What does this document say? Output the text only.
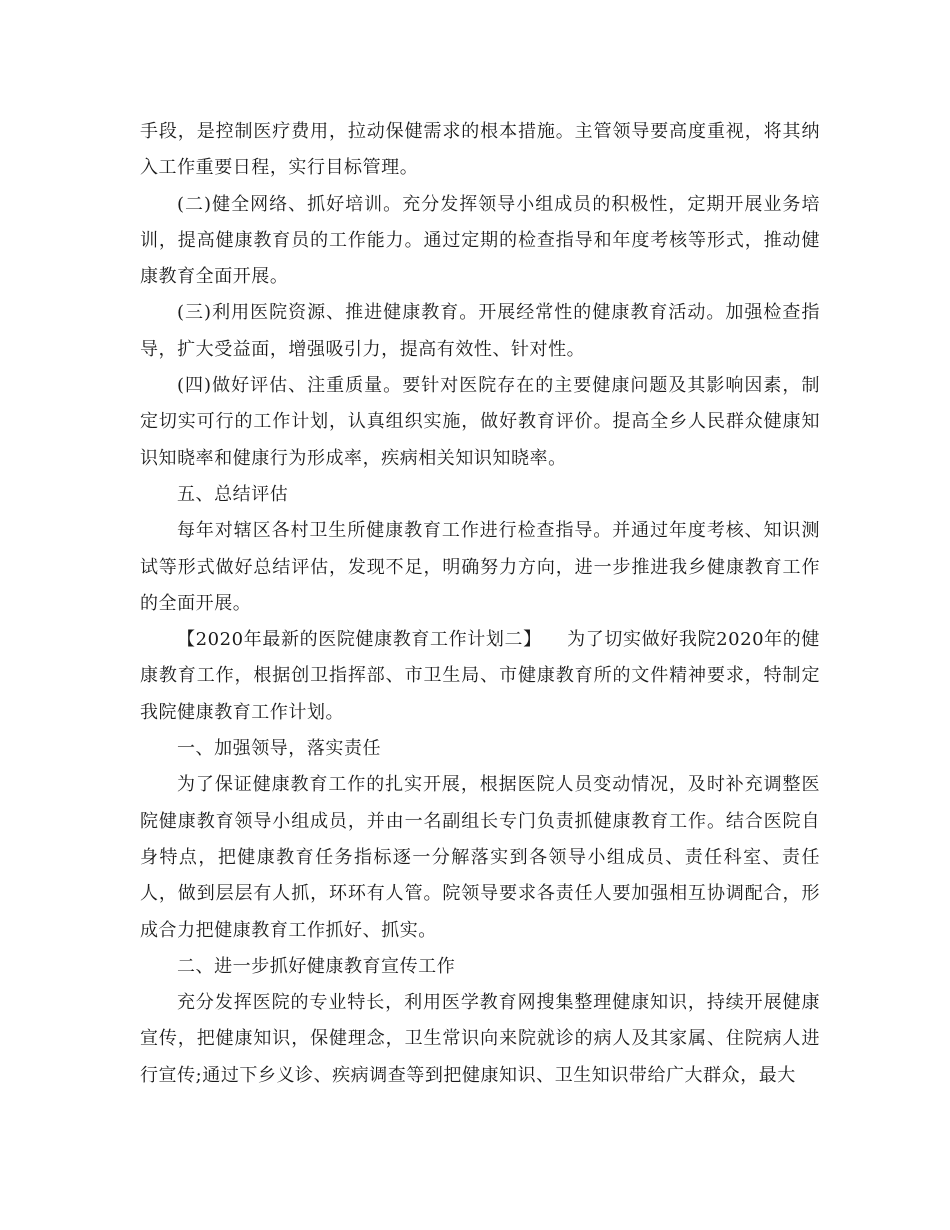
手段，是控制医疗费用，拉动保健需求的根本措施。主管领导要高度重视，将其纳入工作重要日程，实行目标管理。

(二)健全网络、抓好培训。充分发挥领导小组成员的积极性，定期开展业务培训，提高健康教育员的工作能力。通过定期的检查指导和年度考核等形式，推动健康教育全面开展。

(三)利用医院资源、推进健康教育。开展经常性的健康教育活动。加强检查指导，扩大受益面，增强吸引力，提高有效性、针对性。

(四)做好评估、注重质量。要针对医院存在的主要健康问题及其影响因素，制定切实可行的工作计划，认真组织实施，做好教育评价。提高全乡人民群众健康知识知晓率和健康行为形成率，疾病相关知识知晓率。

五、总结评估

每年对辖区各村卫生所健康教育工作进行检查指导。并通过年度考核、知识测试等形式做好总结评估，发现不足，明确努力方向，进一步推进我乡健康教育工作的全面开展。

【2020年最新的医院健康教育工作计划二】    为了切实做好我院2020年的健康教育工作，根据创卫指挥部、市卫生局、市健康教育所的文件精神要求，特制定我院健康教育工作计划。

一、加强领导，落实责任

为了保证健康教育工作的扎实开展，根据医院人员变动情况，及时补充调整医院健康教育领导小组成员，并由一名副组长专门负责抓健康教育工作。结合医院自身特点，把健康教育任务指标逐一分解落实到各领导小组成员、责任科室、责任人，做到层层有人抓，环环有人管。院领导要求各责任人要加强相互协调配合，形成合力把健康教育工作抓好、抓实。

二、进一步抓好健康教育宣传工作

充分发挥医院的专业特长，利用医学教育网搜集整理健康知识，持续开展健康宣传，把健康知识，保健理念，卫生常识向来院就诊的病人及其家属、住院病人进行宣传;通过下乡义诊、疾病调查等到把健康知识、卫生知识带给广大群众，最大
